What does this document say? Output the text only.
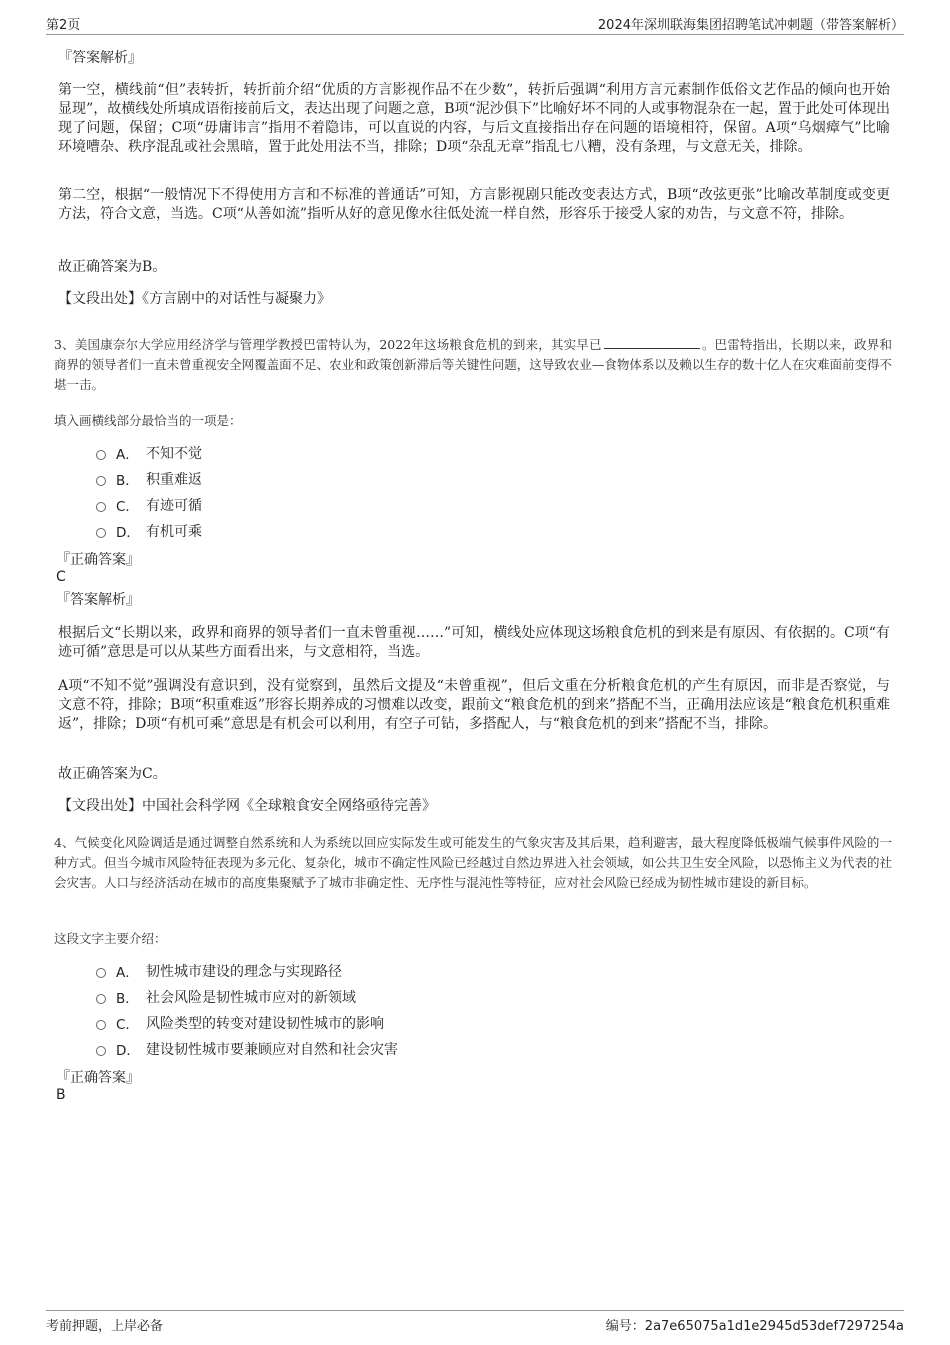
第2页	2024年深圳联海集团招聘笔试冲刺题（带答案解析）
『答案解析』
第一空，横线前“但”表转折，转折前介绍“优质的方言影视作品不在少数”，转折后强调“利用方言元素制作低俗文艺作品的倾向也开始显现”，故横线处所填成语衔接前后文，表达出现了问题之意，B项“泥沙俱下”比喻好坏不同的人或事物混杂在一起，置于此处可体现出现了问题，保留；C项“毋庸讳言”指用不着隐讳，可以直说的内容，与后文直接指出存在问题的语境相符，保留。A项“乌烟瘴气”比喻环境嘈杂、秩序混乱或社会黑暗，置于此处用法不当，排除；D项“杂乱无章”指乱七八糟，没有条理，与文意无关，排除。
第二空，根据“一般情况下不得使用方言和不标准的普通话”可知，方言影视剧只能改变表达方式，B项“改弦更张”比喻改革制度或变更方法，符合文意，当选。C项“从善如流”指听从好的意见像水往低处流一样自然，形容乐于接受人家的劝告，与文意不符，排除。
故正确答案为B。
【文段出处】《方言剧中的对话性与凝聚力》
3、美国康奈尔大学应用经济学与管理学教授巴雷特认为，2022年这场粮食危机的到来，其实早已	。巴雷特指出，长期以来，政界和商界的领导者们一直未曾重视安全网覆盖面不足、农业和政策创新滞后等关键性问题，这导致农业—食物体系以及赖以生存的数十亿人在灾难面前变得不堪一击。
填入画横线部分最恰当的一项是：
A． 不知不觉
B． 积重难返
C． 有迹可循
D． 有机可乘
『正确答案』
C
『答案解析』
根据后文“长期以来，政界和商界的领导者们一直未曾重视……”可知，横线处应体现这场粮食危机的到来是有原因、有依据的。C项“有迹可循”意思是可以从某些方面看出来，与文意相符，当选。
A项“不知不觉”强调没有意识到，没有觉察到，虽然后文提及“未曾重视”，但后文重在分析粮食危机的产生有原因，而非是否察觉，与文意不符，排除；B项“积重难返”形容长期养成的习惯难以改变，跟前文“粮食危机的到来”搭配不当，正确用法应该是“粮食危机积重难返”，排除；D项“有机可乘”意思是有机会可以利用，有空子可钻，多搭配人，与“粮食危机的到来”搭配不当，排除。
故正确答案为C。
【文段出处】中国社会科学网《全球粮食安全网络亟待完善》
4、气候变化风险调适是通过调整自然系统和人为系统以回应实际发生或可能发生的气象灾害及其后果，趋利避害，最大程度降低极端气候事件风险的一种方式。但当今城市风险特征表现为多元化、复杂化，城市不确定性风险已经越过自然边界进入社会领域，如公共卫生安全风险，以恐怖主义为代表的社会灾害。人口与经济活动在城市的高度集聚赋予了城市非确定性、无序性与混沌性等特征，应对社会风险已经成为韧性城市建设的新目标。
这段文字主要介绍：
A． 韧性城市建设的理念与实现路径
B． 社会风险是韧性城市应对的新领域
C． 风险类型的转变对建设韧性城市的影响
D． 建设韧性城市要兼顾应对自然和社会灾害
『正确答案』
B
考前押题，上岸必备	编号：2a7e65075a1d1e2945d53def7297254a
